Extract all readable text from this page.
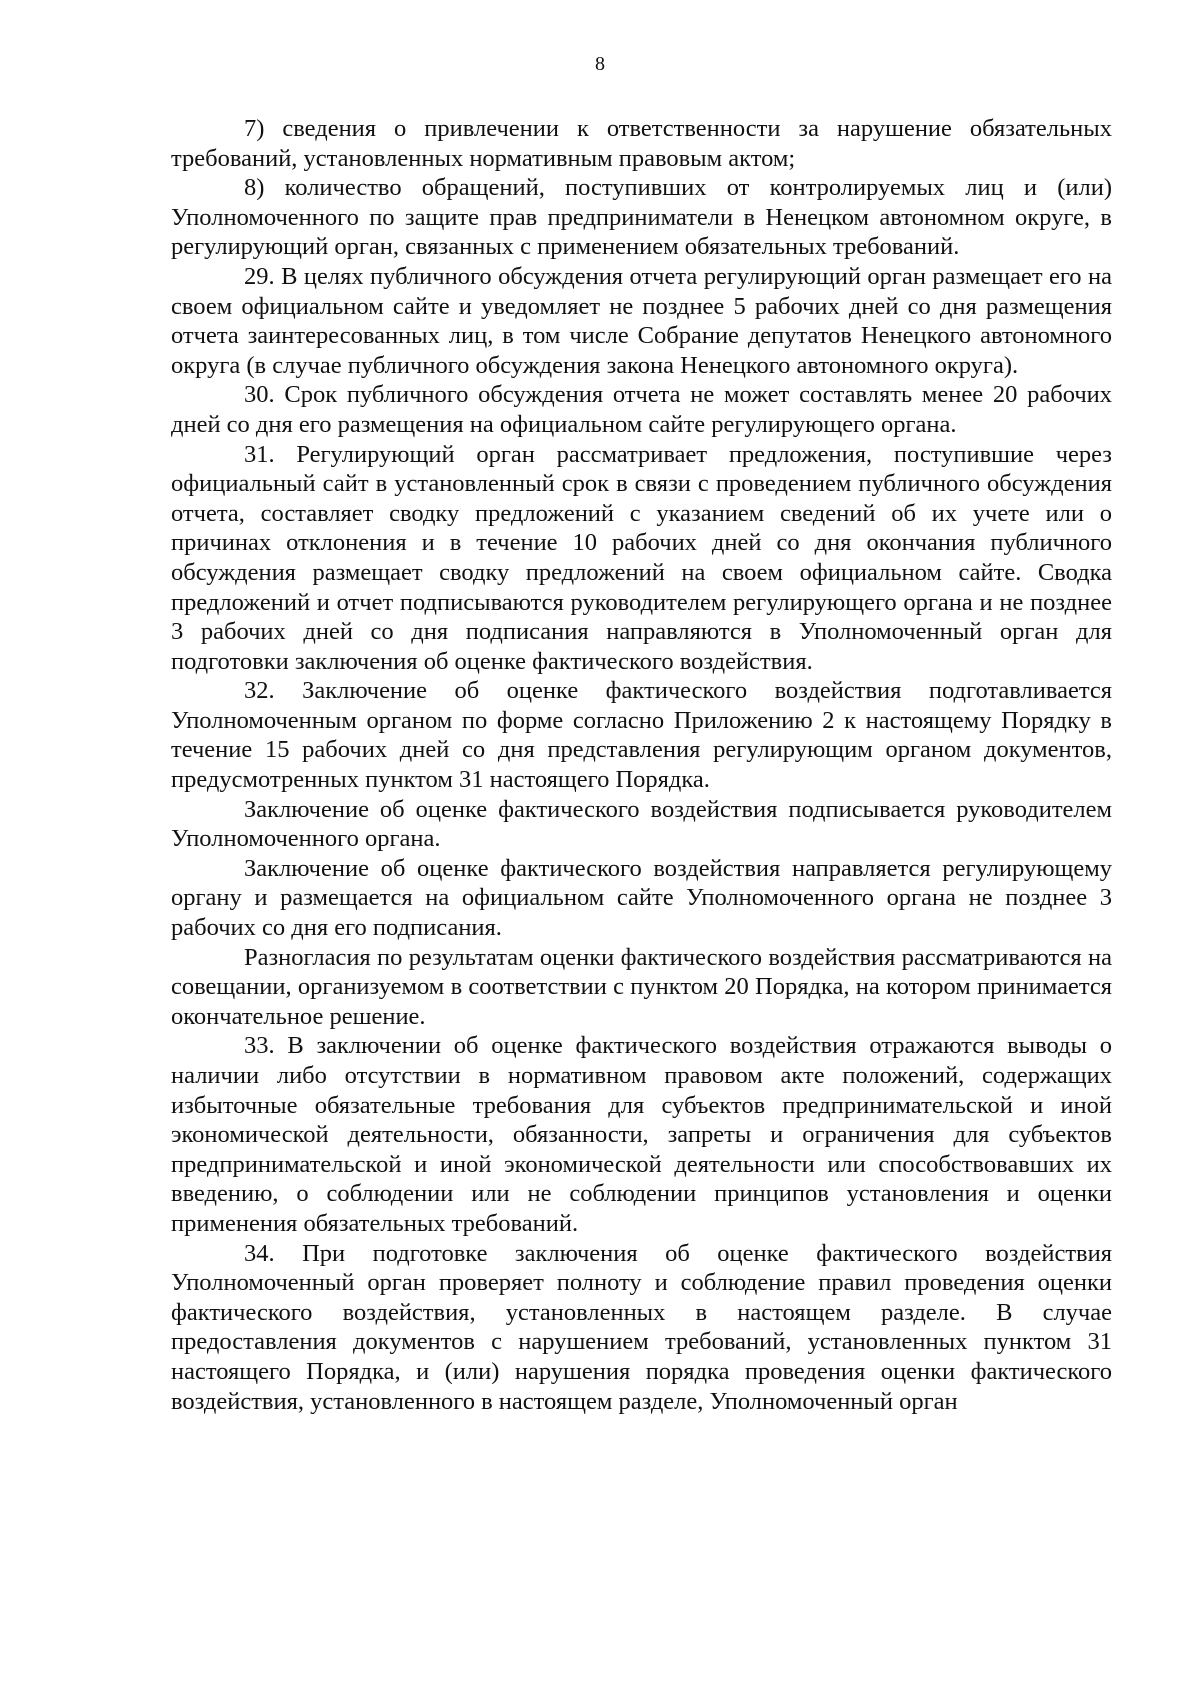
8

7) сведения о привлечении к ответственности за нарушение обязательных требований, установленных нормативным правовым актом;

8) количество обращений, поступивших от контролируемых лиц и (или) Уполномоченного по защите прав предприниматели в Ненецком автономном округе, в регулирующий орган, связанных с применением обязательных требований.

29. В целях публичного обсуждения отчета регулирующий орган размещает его на своем официальном сайте и уведомляет не позднее 5 рабочих дней со дня размещения отчета заинтересованных лиц, в том числе Собрание депутатов Ненецкого автономного округа (в случае публичного обсуждения закона Ненецкого автономного округа).

30. Срок публичного обсуждения отчета не может составлять менее 20 рабочих дней со дня его размещения на официальном сайте регулирующего органа.

31. Регулирующий орган рассматривает предложения, поступившие через официальный сайт в установленный срок в связи с проведением публичного обсуждения отчета, составляет сводку предложений с указанием сведений об их учете или о причинах отклонения и в течение 10 рабочих дней со дня окончания публичного обсуждения размещает сводку предложений на своем официальном сайте. Сводка предложений и отчет подписываются руководителем регулирующего органа и не позднее 3 рабочих дней со дня подписания направляются в Уполномоченный орган для подготовки заключения об оценке фактического воздействия.

32. Заключение об оценке фактического воздействия подготавливается Уполномоченным органом по форме согласно Приложению 2 к настоящему Порядку в течение 15 рабочих дней со дня представления регулирующим органом документов, предусмотренных пунктом 31 настоящего Порядка.

Заключение об оценке фактического воздействия подписывается руководителем Уполномоченного органа.

Заключение об оценке фактического воздействия направляется регулирующему органу и размещается на официальном сайте Уполномоченного органа не позднее 3 рабочих со дня его подписания.

Разногласия по результатам оценки фактического воздействия рассматриваются на совещании, организуемом в соответствии с пунктом 20 Порядка, на котором принимается окончательное решение.

33. В заключении об оценке фактического воздействия отражаются выводы о наличии либо отсутствии в нормативном правовом акте положений, содержащих избыточные обязательные требования для субъектов предпринимательской и иной экономической деятельности, обязанности, запреты и ограничения для субъектов предпринимательской и иной экономической деятельности или способствовавших их введению, о соблюдении или не соблюдении принципов установления и оценки применения обязательных требований.

34. При подготовке заключения об оценке фактического воздействия Уполномоченный орган проверяет полноту и соблюдение правил проведения оценки фактического воздействия, установленных в настоящем разделе. В случае предоставления документов с нарушением требований, установленных пунктом 31 настоящего Порядка, и (или) нарушения порядка проведения оценки фактического воздействия, установленного в настоящем разделе, Уполномоченный орган
